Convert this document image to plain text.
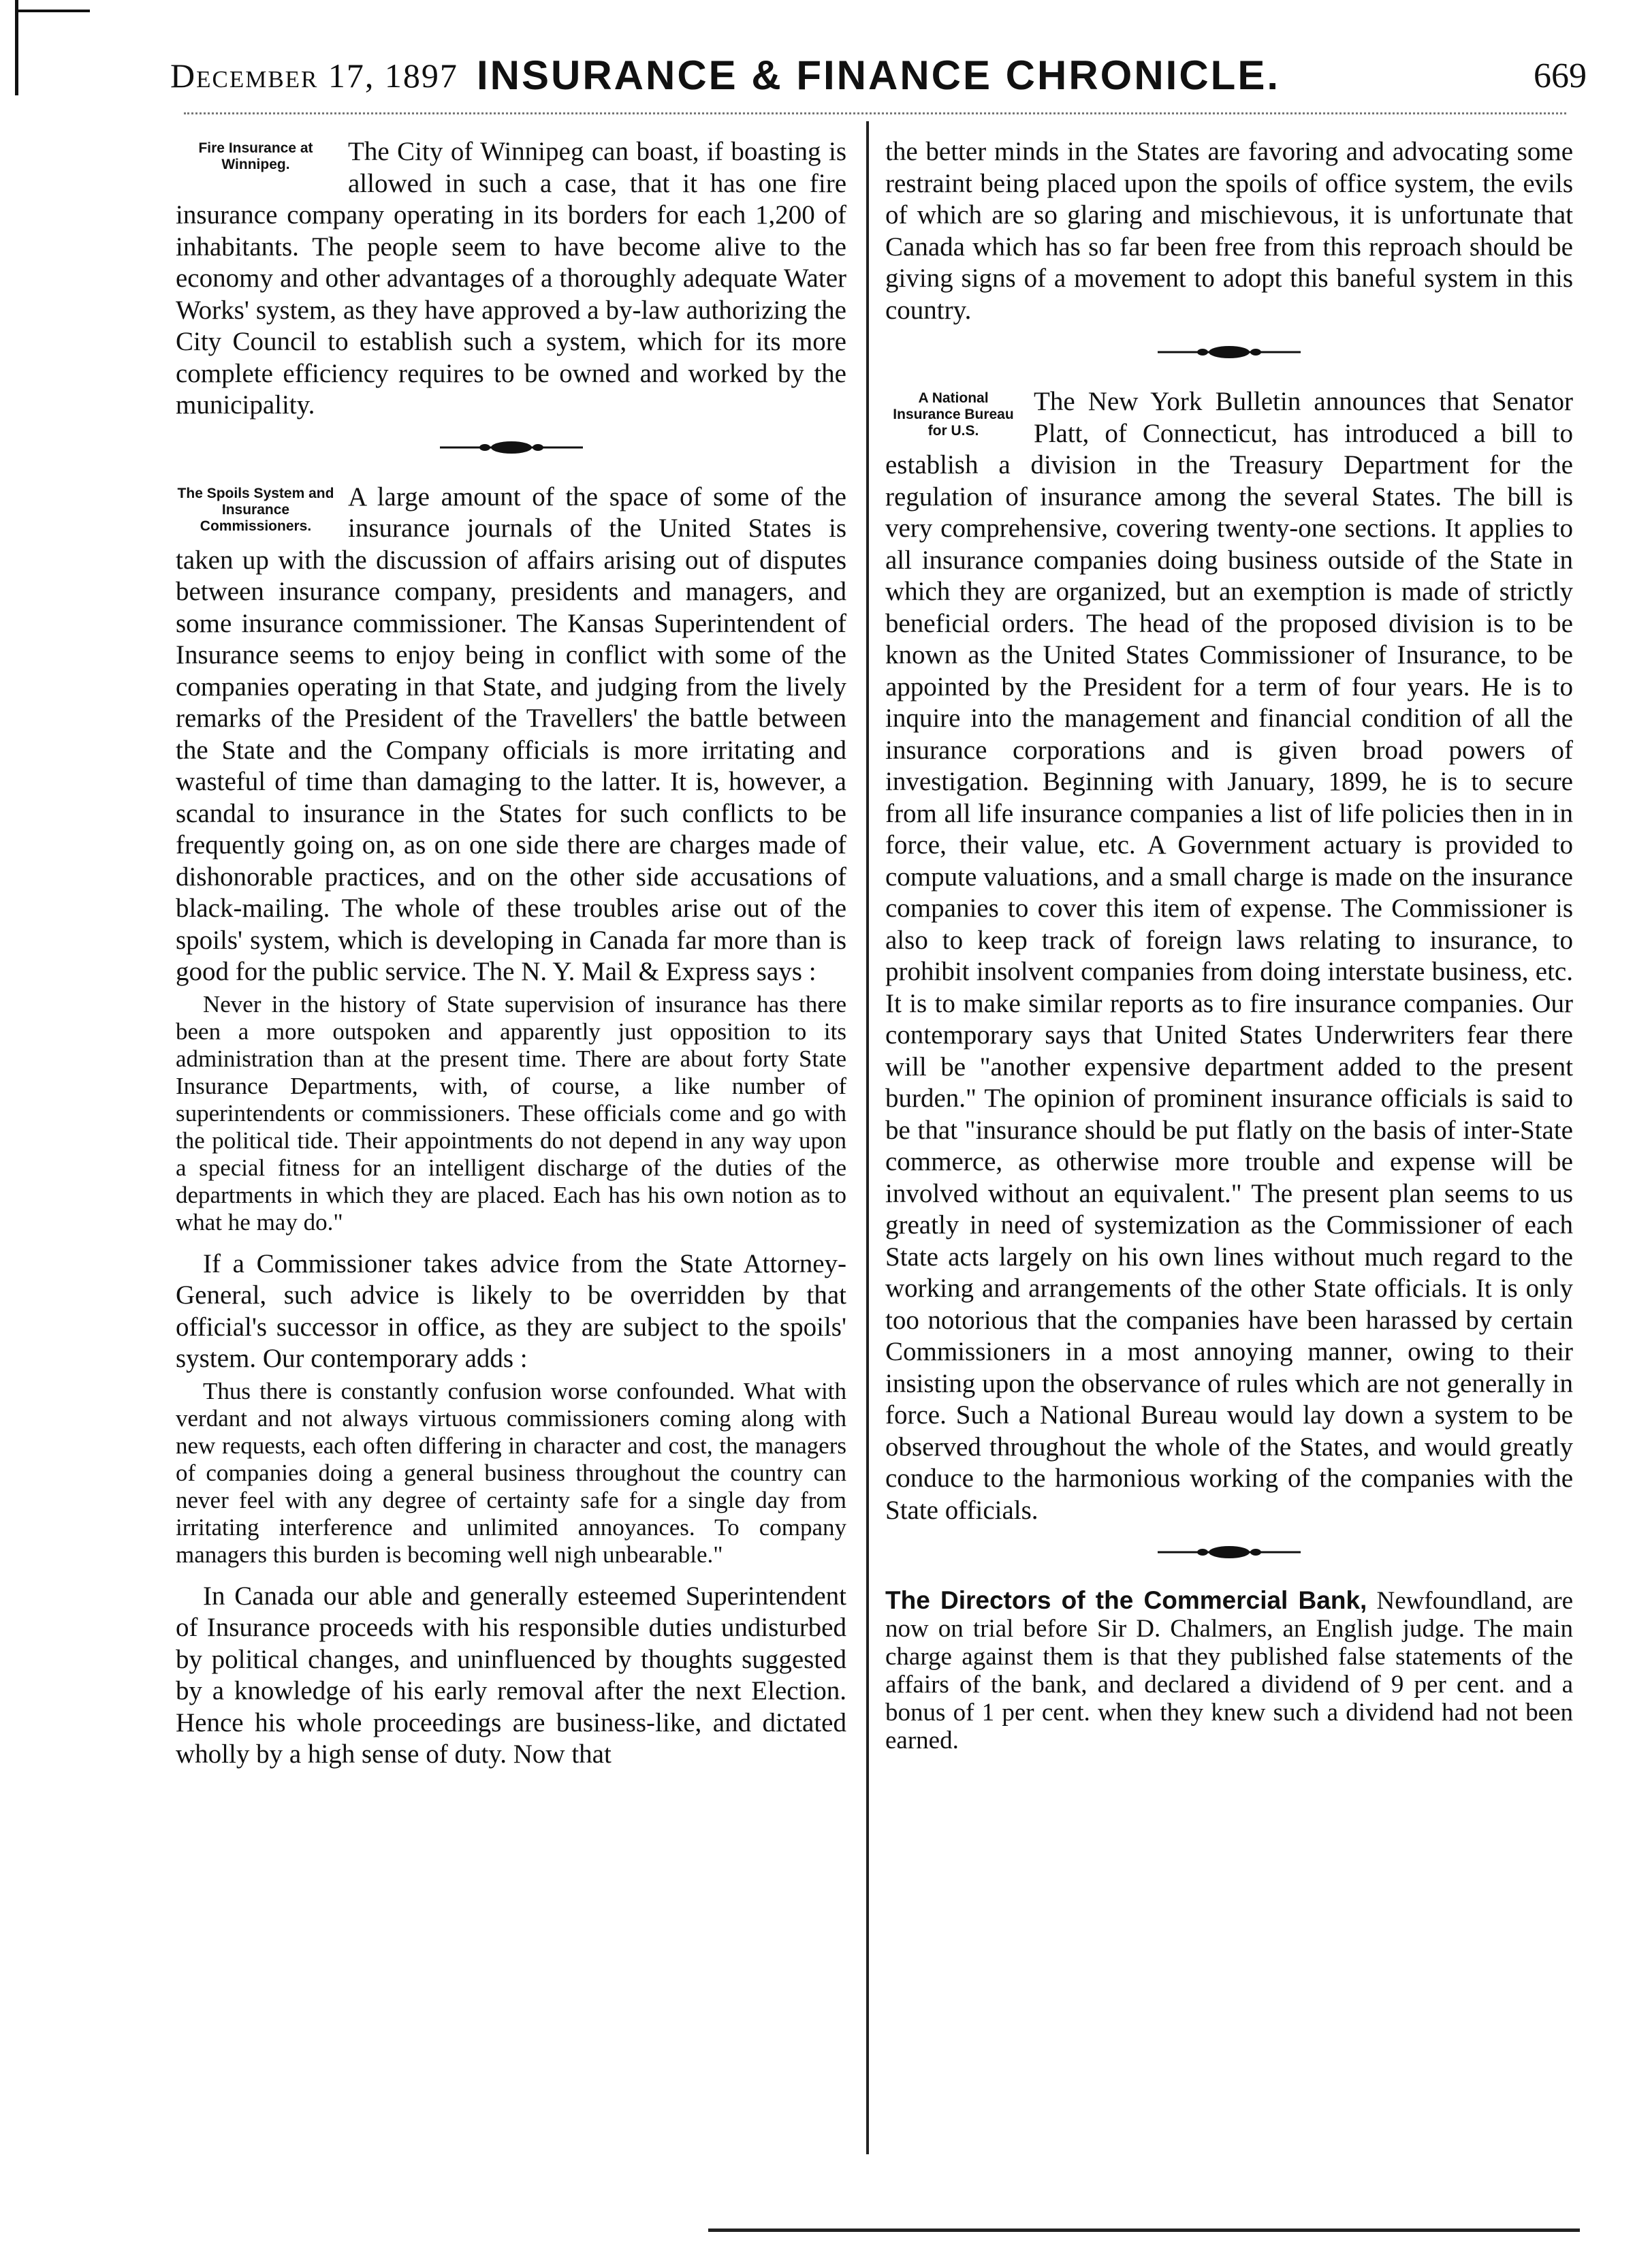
December 17, 1897 INSURANCE & FINANCE CHRONICLE.	669
Fire Insurance at Winnipeg.	The City of Winnipeg can boast, if boasting is allowed in such a case, that it has one fire insurance company operating in its borders for each 1,200 of inhabitants. The people seem to have become alive to the economy and other advantages of a thoroughly adequate Water Works' system, as they have approved a by-law authorizing the City Council to establish such a system, which for its more complete efficiency requires to be owned and worked by the municipality.

The Spoils System and Insurance Commissioners.

A large amount of the space of some of the insurance journals of the United States is taken up with the discussion of affairs arising out of disputes between insurance company, presidents and managers, and some insurance commissioner. The Kansas Superintendent of Insurance seems to enjoy being in conflict with some of the companies operating in that State, and judging from the lively remarks of the President of the Travellers' the battle between the State and the Company officials is more irritating and wasteful of time than damaging to the latter. It is, however, a scandal to insurance in the States for such conflicts to be frequently going on, as on one side there are charges made of dishonorable practices, and on the other side accusations of black-mailing. The whole of these troubles arise out of the spoils' system, which is developing in Canada far more than is good for the public service. The N. Y. Mail & Express says :

Never in the history of State supervision of insurance has there been a more outspoken and apparently just opposition to its administration than at the present time. There are about forty State Insurance Departments, with, of course, a like number of superintendents or commissioners. These officials come and go with the political tide. Their appointments do not depend in any way upon a special fitness for an intelligent discharge of the duties of the departments in which they are placed. Each has his own notion as to what he may do."

If a Commissioner takes advice from the State Attorney-General, such advice is likely to be overridden by that official's successor in office, as they are subject to the spoils' system. Our contemporary adds :

Thus there is constantly confusion worse confounded. What with verdant and not always virtuous commissioners coming along with new requests, each often differing in character and cost, the managers of companies doing a general business throughout the country can never feel with any degree of certainty safe for a single day from irritating interference and unlimited annoyances. To company managers this burden is becoming well nigh unbearable."

In Canada our able and generally esteemed Superintendent of Insurance proceeds with his responsible duties undisturbed by political changes, and uninfluenced by thoughts suggested by a knowledge of his early removal after the next Election. Hence his whole proceedings are business-like, and dictated wholly by a high sense of duty. Now that

the better minds in the States are favoring and advocating some restraint being placed upon the spoils of office system, the evils of which are so glaring and mischievous, it is unfortunate that Canada which has so far been free from this reproach should be giving signs of a movement to adopt this baneful system in this country.

A National Insurance Bureau for U.S.

The New York Bulletin announces that Senator Platt, of Connecticut, has introduced a bill to establish a division in the Treasury Department for the regulation of insurance among the several States. The bill is very comprehensive, covering twenty-one sections. It applies to all insurance companies doing business outside of the State in which they are organized, but an exemption is made of strictly beneficial orders. The head of the proposed division is to be known as the United States Commissioner of Insurance, to be appointed by the President for a term of four years. He is to inquire into the management and financial condition of all the insurance corporations and is given broad powers of investigation. Beginning with January, 1899, he is to secure from all life insurance companies a list of life policies then in in force, their value, etc. A Government actuary is provided to compute valuations, and a small charge is made on the insurance companies to cover this item of expense. The Commissioner is also to keep track of foreign laws relating to insurance, to prohibit insolvent companies from doing interstate business, etc. It is to make similar reports as to fire insurance companies. Our contemporary says that United States Underwriters fear there will be "another expensive department added to the present burden." The opinion of prominent insurance officials is said to be that "insurance should be put flatly on the basis of inter-State commerce, as otherwise more trouble and expense will be involved without an equivalent." The present plan seems to us greatly in need of systemization as the Commissioner of each State acts largely on his own lines without much regard to the working and arrangements of the other State officials. It is only too notorious that the companies have been harassed by certain Commissioners in a most annoying manner, owing to their insisting upon the observance of rules which are not generally in force. Such a National Bureau would lay down a system to be observed throughout the whole of the States, and would greatly conduce to the harmonious working of the companies with the State officials.

The Directors of the Commercial Bank, Newfoundland, are now on trial before Sir D. Chalmers, an English judge. The main charge against them is that they published false statements of the affairs of the bank, and declared a dividend of 9 per cent. and a bonus of 1 per cent. when they knew such a dividend had not been earned.
